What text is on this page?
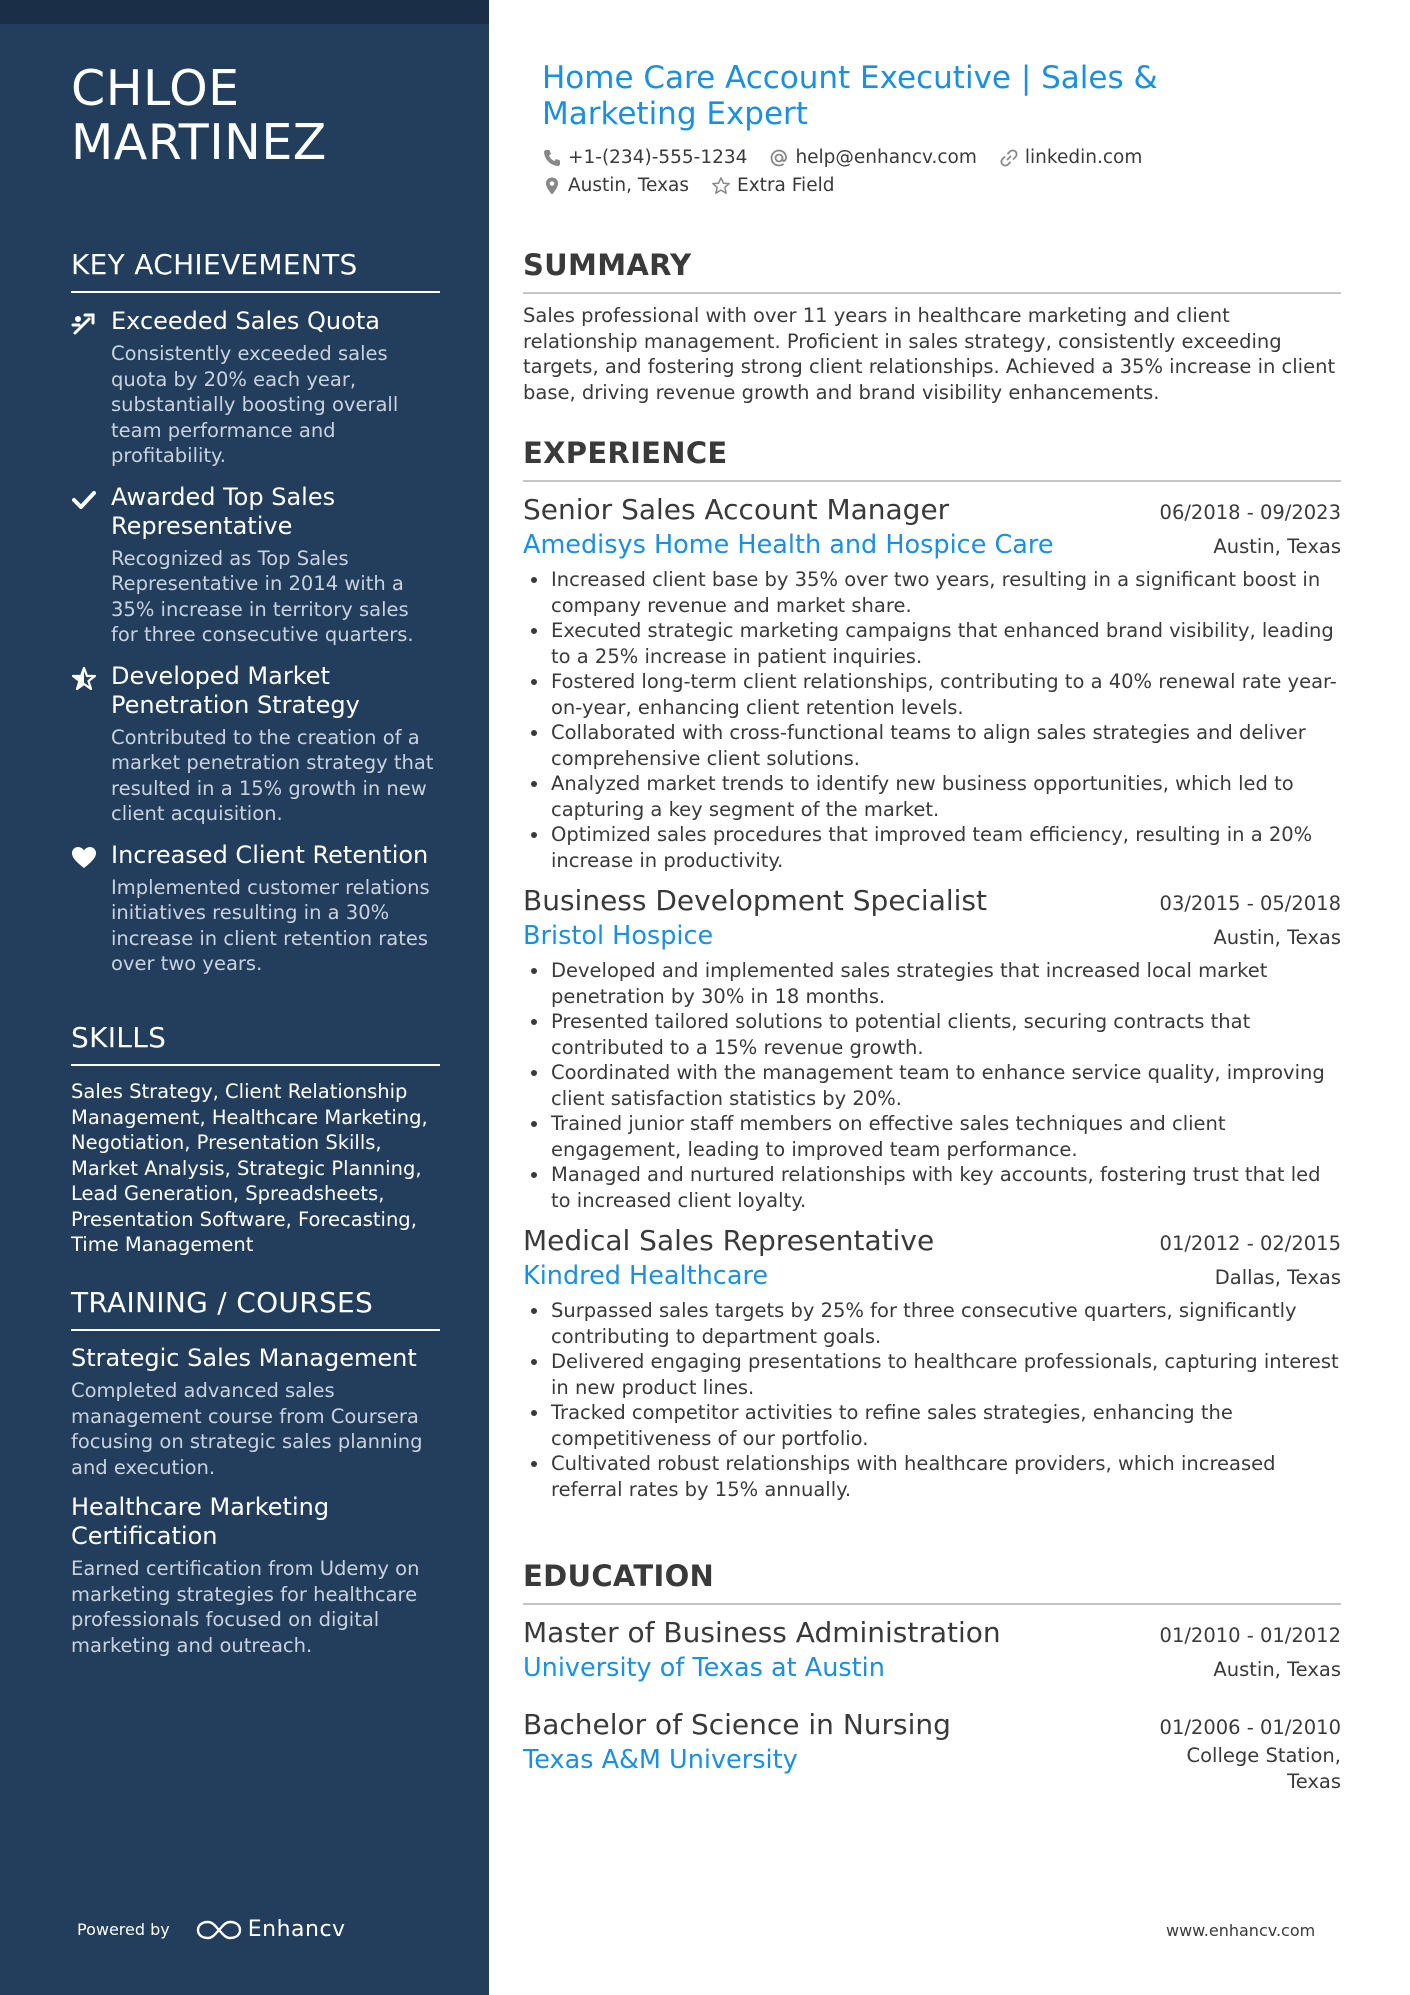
CHLOE MARTINEZ
KEY ACHIEVEMENTS
Exceeded Sales Quota
Consistently exceeded sales quota by 20% each year, substantially boosting overall team performance and profitability.
Awarded Top Sales Representative
Recognized as Top Sales Representative in 2014 with a 35% increase in territory sales for three consecutive quarters.
Developed Market Penetration Strategy
Contributed to the creation of a market penetration strategy that resulted in a 15% growth in new client acquisition.
Increased Client Retention
Implemented customer relations initiatives resulting in a 30% increase in client retention rates over two years.
SKILLS
Sales Strategy, Client Relationship Management, Healthcare Marketing, Negotiation, Presentation Skills, Market Analysis, Strategic Planning, Lead Generation, Spreadsheets, Presentation Software, Forecasting, Time Management
TRAINING / COURSES
Strategic Sales Management
Completed advanced sales management course from Coursera focusing on strategic sales planning and execution.
Healthcare Marketing Certification
Earned certification from Udemy on marketing strategies for healthcare professionals focused on digital marketing and outreach.
Powered by	Enhancv
Home Care Account Executive | Sales & Marketing Expert
+1-(234)-555-1234	help@enhancv.com	linkedin.com
Austin, Texas	Extra Field
SUMMARY

Sales professional with over 11 years in healthcare marketing and client relationship management. Proficient in sales strategy, consistently exceeding targets, and fostering strong client relationships. Achieved a 35% increase in client base, driving revenue growth and brand visibility enhancements.

EXPERIENCE
Senior Sales Account Manager	06/2018 - 09/2023
Amedisys Home Health and Hospice Care	Austin, Texas
Increased client base by 35% over two years, resulting in a significant boost in company revenue and market share.
Executed strategic marketing campaigns that enhanced brand visibility, leading to a 25% increase in patient inquiries.
Fostered long-term client relationships, contributing to a 40% renewal rate year-on-year, enhancing client retention levels.
Collaborated with cross-functional teams to align sales strategies and deliver comprehensive client solutions.
Analyzed market trends to identify new business opportunities, which led to capturing a key segment of the market.
Optimized sales procedures that improved team efficiency, resulting in a 20% increase in productivity.
Business Development Specialist	03/2015 - 05/2018
Bristol Hospice	Austin, Texas
Developed and implemented sales strategies that increased local market penetration by 30% in 18 months.
Presented tailored solutions to potential clients, securing contracts that contributed to a 15% revenue growth.
Coordinated with the management team to enhance service quality, improving client satisfaction statistics by 20%.
Trained junior staff members on effective sales techniques and client engagement, leading to improved team performance.
Managed and nurtured relationships with key accounts, fostering trust that led to increased client loyalty.
Medical Sales Representative	01/2012 - 02/2015
Kindred Healthcare	Dallas, Texas
Surpassed sales targets by 25% for three consecutive quarters, significantly contributing to department goals.
Delivered engaging presentations to healthcare professionals, capturing interest in new product lines.
Tracked competitor activities to refine sales strategies, enhancing the competitiveness of our portfolio.
Cultivated robust relationships with healthcare providers, which increased referral rates by 15% annually.
EDUCATION
Master of Business Administration	01/2010 - 01/2012
University of Texas at Austin	Austin, Texas
Bachelor of Science in Nursing	01/2006 - 01/2010
Texas A&M University	College Station, Texas
www.enhancv.com
